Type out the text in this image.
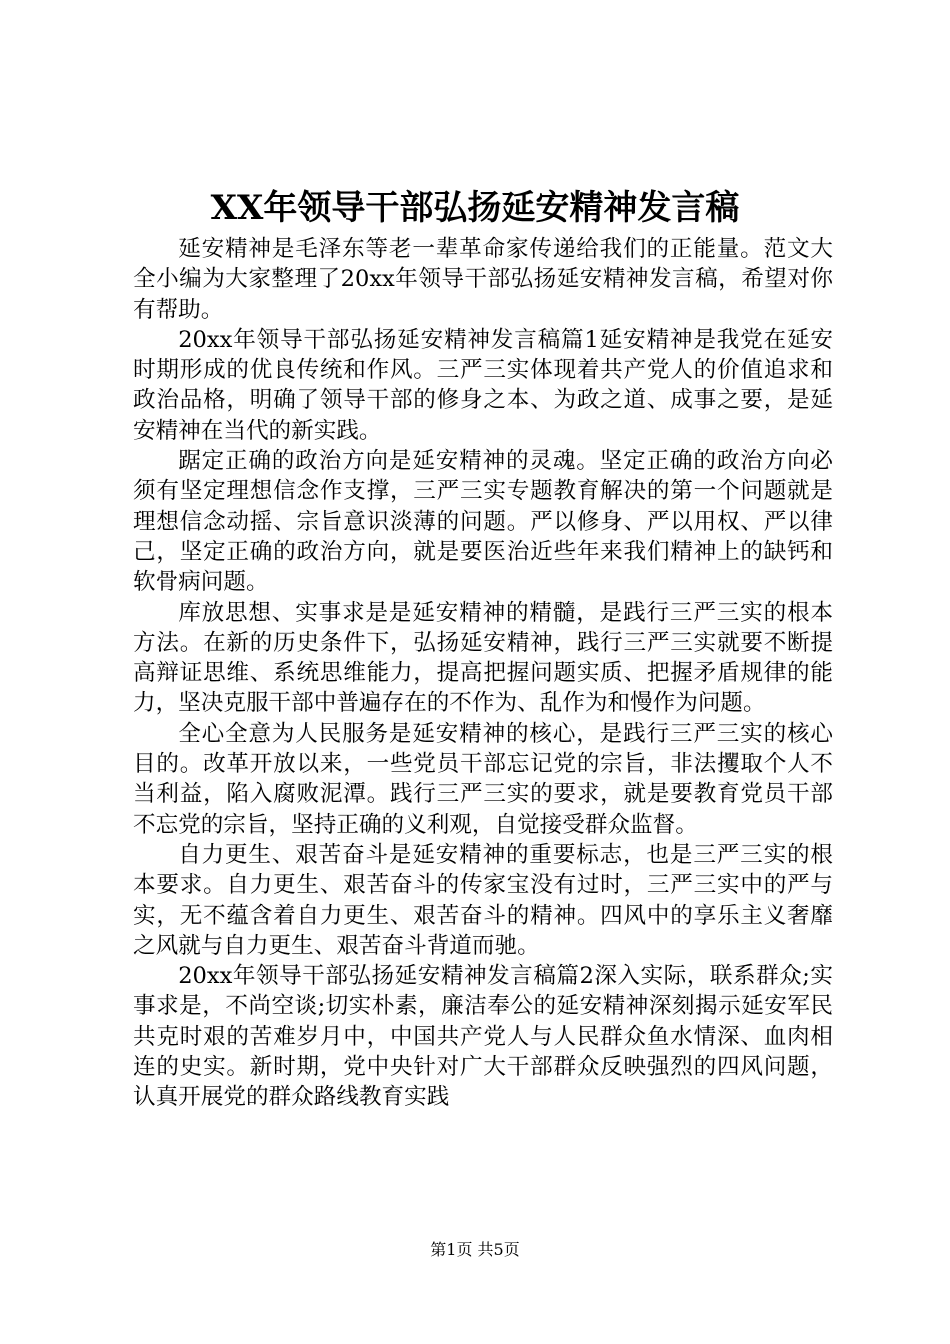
XX年领导干部弘扬延安精神发言稿

延安精神是毛泽东等老一辈革命家传递给我们的正能量。范文大全小编为大家整理了20xx年领导干部弘扬延安精神发言稿，希望对你有帮助。

20xx年领导干部弘扬延安精神发言稿篇1延安精神是我党在延安时期形成的优良传统和作风。三严三实体现着共产党人的价值追求和政治品格，明确了领导干部的修身之本、为政之道、成事之要，是延安精神在当代的新实践。

踞定正确的政治方向是延安精神的灵魂。坚定正确的政治方向必须有坚定理想信念作支撑，三严三实专题教育解决的第一个问题就是理想信念动摇、宗旨意识淡薄的问题。严以修身、严以用权、严以律己，坚定正确的政治方向，就是要医治近些年来我们精神上的缺钙和软骨病问题。

库放思想、实事求是是延安精神的精髓，是践行三严三实的根本方法。在新的历史条件下，弘扬延安精神，践行三严三实就要不断提高辩证思维、系统思维能力，提高把握问题实质、把握矛盾规律的能力，坚决克服干部中普遍存在的不作为、乱作为和慢作为问题。

全心全意为人民服务是延安精神的核心，是践行三严三实的核心目的。改革开放以来，一些党员干部忘记党的宗旨，非法攫取个人不当利益，陷入腐败泥潭。践行三严三实的要求，就是要教育党员干部不忘党的宗旨，坚持正确的义利观，自觉接受群众监督。

自力更生、艰苦奋斗是延安精神的重要标志，也是三严三实的根本要求。自力更生、艰苦奋斗的传家宝没有过时，三严三实中的严与实，无不蕴含着自力更生、艰苦奋斗的精神。四风中的享乐主义奢靡之风就与自力更生、艰苦奋斗背道而驰。

20xx年领导干部弘扬延安精神发言稿篇2深入实际，联系群众;实事求是，不尚空谈;切实朴素，廉洁奉公的延安精神深刻揭示延安军民共克时艰的苦难岁月中，中国共产党人与人民群众鱼水情深、血肉相连的史实。新时期，党中央针对广大干部群众反映强烈的四风问题，认真开展党的群众路线教育实践

第1页 共5页
